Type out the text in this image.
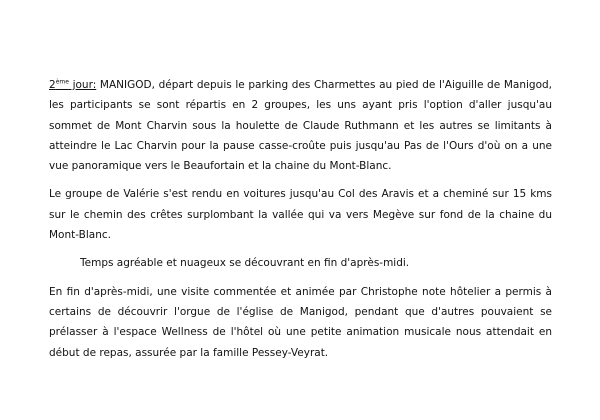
2ème jour: MANIGOD, départ depuis le parking des Charmettes au pied de l'Aiguille de Manigod, les participants se sont répartis en 2 groupes, les uns ayant pris l'option d'aller jusqu'au sommet de Mont Charvin sous la houlette de Claude Ruthmann et les autres se limitants à atteindre le Lac Charvin pour la pause casse-croûte puis jusqu'au Pas de l'Ours d'où on a une vue panoramique vers le Beaufortain et la chaine du Mont-Blanc.

Le groupe de Valérie s'est rendu en voitures jusqu'au Col des Aravis et a cheminé sur 15 kms sur le chemin des crêtes surplombant la vallée qui va vers Megève sur fond de la chaine du Mont-Blanc.

Temps agréable et nuageux se découvrant en fin d'après-midi.

En fin d'après-midi, une visite commentée et animée par Christophe note hôtelier a permis à certains de découvrir l'orgue de l'église de Manigod, pendant que d'autres pouvaient se prélasser à l'espace Wellness de l'hôtel où une petite animation musicale nous attendait en début de repas, assurée par la famille Pessey-Veyrat.
